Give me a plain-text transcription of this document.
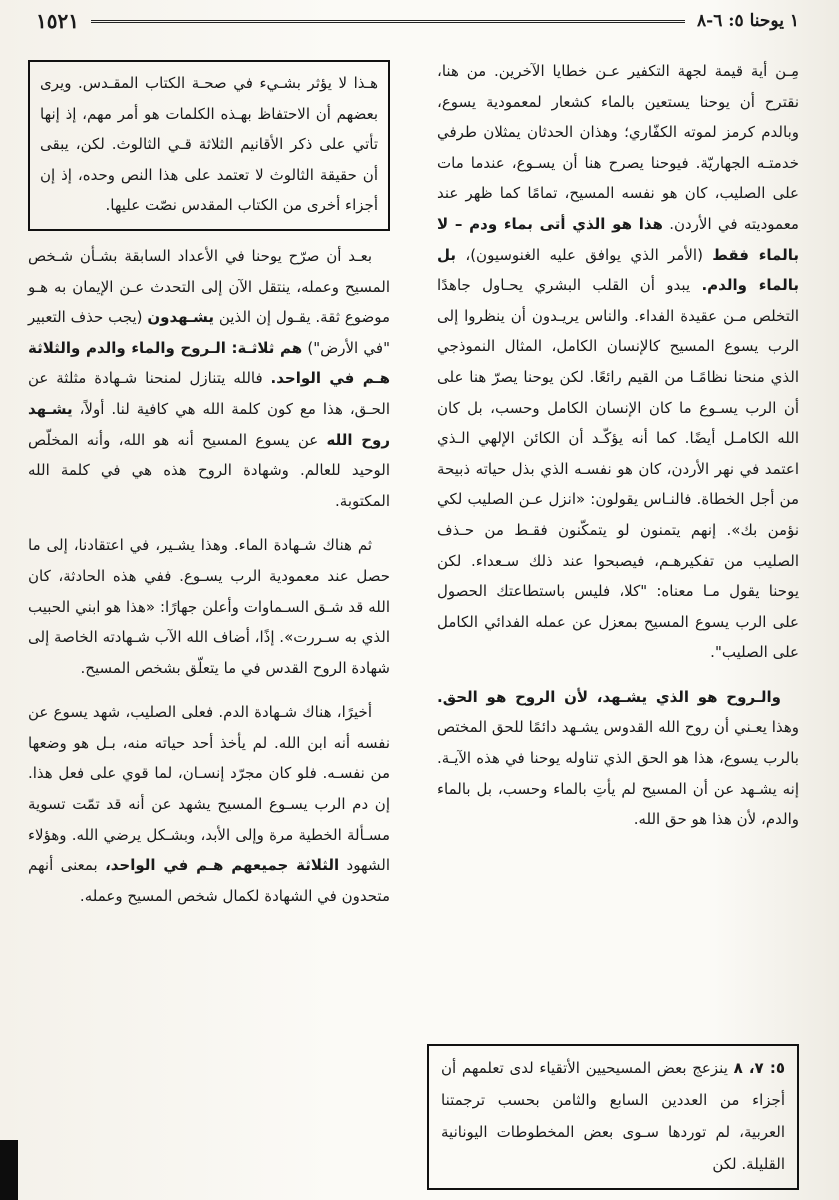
١٥٢١	١ يوحنا ٥: ٦-٨

مِـن أية قيمة لجهة التكفير عـن خطايا الآخرين. من هنا، نقترح أن يوحنا يستعين بالماء كشعار لمعمودية يسوع، وبالدم كرمز لموته الكفّاري؛ وهذان الحدثان يمثلان طرفي خدمتـه الجهاريّة. فيوحنا يصرح هنا أن يسـوع، عندما مات على الصليب، كان هو نفسه المسيح، تمامًا كما ظهر عند معموديته في الأردن. هذا هو الذي أتى بماء ودم – لا بالماء فقط (الأمر الذي يوافق عليه الغنوسيون)، بل بالماء والدم. يبدو أن القلب البشري يحـاول جاهدًا التخلص مـن عقيدة الفداء. والناس يريـدون أن ينظروا إلى الرب يسوع المسيح كالإنسان الكامل، المثال النموذجي الذي منحنا نظامًـا من القيم رائعًا. لكن يوحنا يصرّ هنا على أن الرب يسـوع ما كان الإنسان الكامل وحسب، بل كان الله الكامـل أيضًا. كما أنه يؤكّـد أن الكائن الإلهي الـذي اعتمد في نهر الأردن، كان هو نفسـه الذي بذل حياته ذبيحة من أجل الخطاة. فالنـاس يقولون: «انزل عـن الصليب لكي نؤمن بك». إنهم يتمنون لو يتمكّنون فقـط من حـذف الصليب من تفكيرهـم، فيصبحوا عند ذلك سـعداء. لكن يوحنا يقول مـا معناه: "كلا، فليس باستطاعتك الحصول على الرب يسوع المسيح بمعزل عن عمله الفدائي الكامل على الصليب".

والـروح هو الذي يشـهد، لأن الروح هو الحق. وهذا يعـني أن روح الله القدوس يشـهد دائمًا للحق المختص بالرب يسوع، هذا هو الحق الذي تناوله يوحنا في هذه الآيـة. إنه يشـهد عن أن المسيح لم يأتِ بالماء وحسب، بل بالماء والدم، لأن هذا هو حق الله.

٥: ٧، ٨ ينزعج بعض المسيحيين الأتقياء لدى تعلمهم أن أجزاء من العددين السابع والثامن بحسب ترجمتنا العربية، لم توردها سـوى بعض المخطوطات اليونانية القليلة. لكن

هـذا لا يؤثر بشـيء في صحـة الكتاب المقـدس. ويرى بعضهم أن الاحتفاظ بهـذه الكلمات هو أمر مهم، إذ إنها تأتي على ذكر الأقانيم الثلاثة قـي الثالوث. لكن، يبقى أن حقيقة الثالوث لا تعتمد على هذا النص وحده، إذ إن أجزاء أخرى من الكتاب المقدس نصّت عليها.

بعـد أن صرّح يوحنا في الأعداد السابقة بشـأن شـخص المسيح وعمله، ينتقل الآن إلى التحدث عـن الإيمان به هـو موضوع ثقة. يقـول إن الذين يشـهدون (يجب حذف التعبير "في الأرض") هم ثلاثـة: الـروح والماء والدم والثلاثة هـم في الواحد. فالله يتنازل لمنحنا شـهادة مثلثة عن الحـق، هذا مع كون كلمة الله هي كافية لنا. أولاً، يشـهد روح الله عن يسوع المسيح أنه هو الله، وأنه المخلّص الوحيد للعالم. وشهادة الروح هذه هي في كلمة الله المكتوبة.

ثم هناك شـهادة الماء. وهذا يشـير، في اعتقادنا، إلى ما حصل عند معمودية الرب يسـوع. ففي هذه الحادثة، كان الله قد شـق السـماوات وأعلن جهارًا: «هذا هو ابني الحبيب الذي به سـررت». إذًا، أضاف الله الآب شـهادته الخاصة إلى شهادة الروح القدس في ما يتعلّق بشخص المسيح.

أخيرًا، هناك شـهادة الدم. فعلى الصليب، شهد يسوع عن نفسه أنه ابن الله. لم يأخذ أحد حياته منه، بـل هو وضعها من نفسـه. فلو كان مجرّد إنسـان، لما قوي على فعل هذا. إن دم الرب يسـوع المسيح يشهد عن أنه قد تمّت تسوية مسـألة الخطية مرة وإلى الأبد، وبشـكل يرضي الله. وهؤلاء الشهود الثلاثة جميعهم هـم في الواحد، بمعنى أنهم متحدون في الشهادة لكمال شخص المسيح وعمله.
